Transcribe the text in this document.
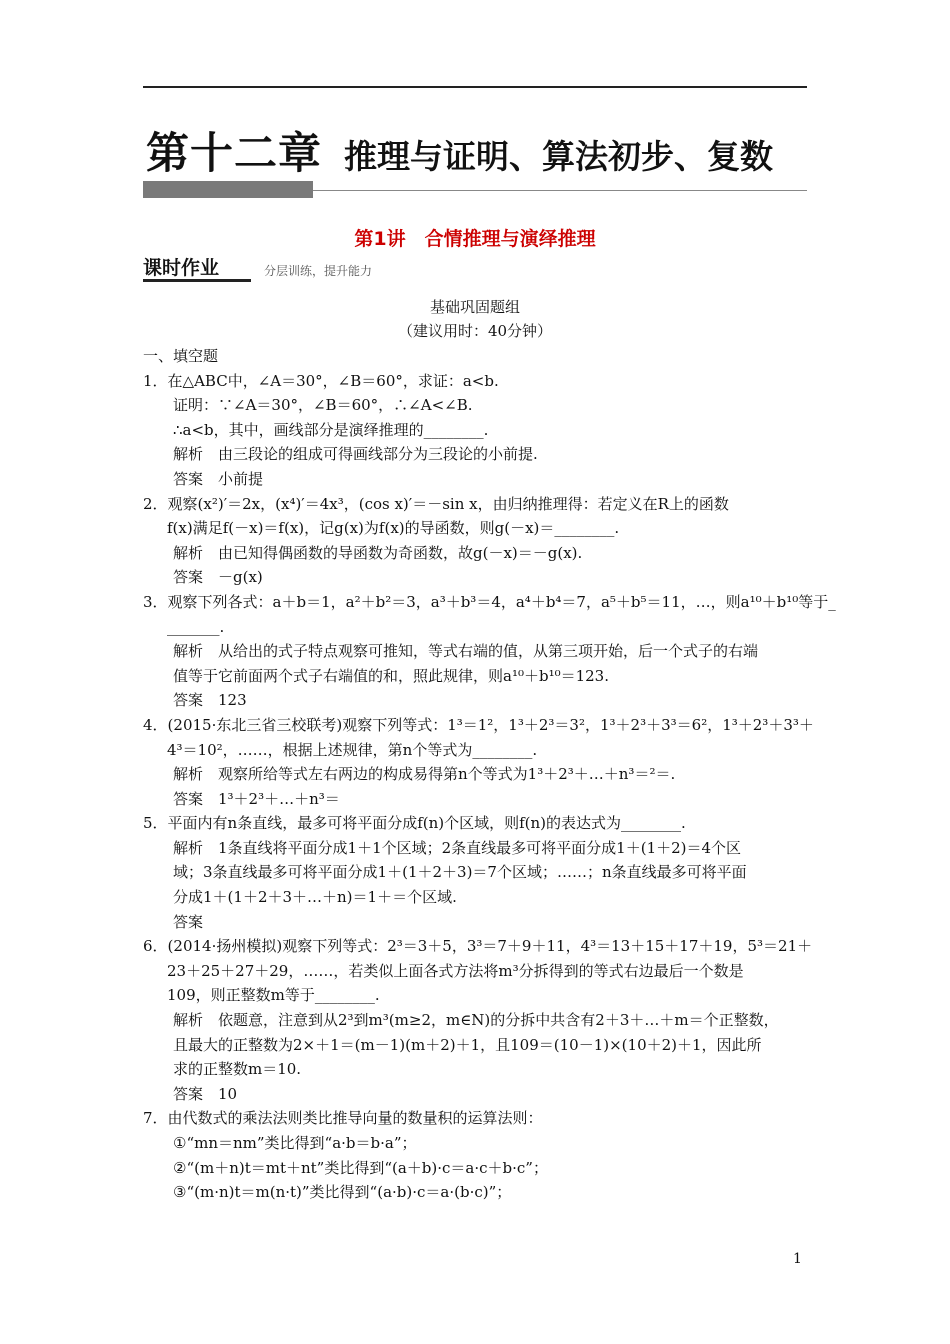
第十二章 推理与证明、算法初步、复数
第1讲　合情推理与演绎推理
课时作业	分层训练，提升能力
基础巩固题组
（建议用时：40分钟）

一、填空题

1．在△ABC中，∠A＝30°，∠B＝60°，求证：a<b.

证明：∵∠A＝30°，∠B＝60°，∴∠A<∠B.

∴a<b，其中，画线部分是演绎推理的________.

解析　由三段论的组成可得画线部分为三段论的小前提.

答案　小前提

2．观察(x²)′＝2x，(x⁴)′＝4x³，(cos x)′＝－sin x，由归纳推理得：若定义在R上的函数

f(x)满足f(－x)＝f(x)，记g(x)为f(x)的导函数，则g(－x)＝________.

解析　由已知得偶函数的导函数为奇函数，故g(－x)＝－g(x).

答案　－g(x)

3．观察下列各式：a＋b＝1，a²＋b²＝3，a³＋b³＝4，a⁴＋b⁴＝7，a⁵＋b⁵＝11，…，则a¹⁰＋b¹⁰等于_

_______.

解析　从给出的式子特点观察可推知，等式右端的值，从第三项开始，后一个式子的右端

值等于它前面两个式子右端值的和，照此规律，则a¹⁰＋b¹⁰＝123.

答案　123

4．(2015·东北三省三校联考)观察下列等式：1³＝1²，1³＋2³＝3²，1³＋2³＋3³＝6²，1³＋2³＋3³＋

4³＝10²，……，根据上述规律，第n个等式为________.

解析　观察所给等式左右两边的构成易得第n个等式为1³＋2³＋…＋n³＝²＝.

答案　1³＋2³＋…＋n³＝

5．平面内有n条直线，最多可将平面分成f(n)个区域，则f(n)的表达式为________.

解析　1条直线将平面分成1＋1个区域；2条直线最多可将平面分成1＋(1＋2)＝4个区

域；3条直线最多可将平面分成1＋(1＋2＋3)＝7个区域；……；n条直线最多可将平面

分成1＋(1＋2＋3＋…＋n)＝1＋＝个区域.

答案

6．(2014·扬州模拟)观察下列等式：2³＝3＋5，3³＝7＋9＋11，4³＝13＋15＋17＋19，5³＝21＋

23＋25＋27＋29，……，若类似上面各式方法将m³分拆得到的等式右边最后一个数是

109，则正整数m等于________.

解析　依题意，注意到从2³到m³(m≥2，m∈N)的分拆中共含有2＋3＋…＋m＝个正整数，

且最大的正整数为2×＋1＝(m－1)(m＋2)＋1，且109＝(10－1)×(10＋2)＋1，因此所

求的正整数m＝10.

答案　10

7．由代数式的乘法法则类比推导向量的数量积的运算法则：

①“mn＝nm”类比得到“a·b＝b·a”；

②“(m＋n)t＝mt＋nt”类比得到“(a＋b)·c＝a·c＋b·c”；

③“(m·n)t＝m(n·t)”类比得到“(a·b)·c＝a·(b·c)”；

1
